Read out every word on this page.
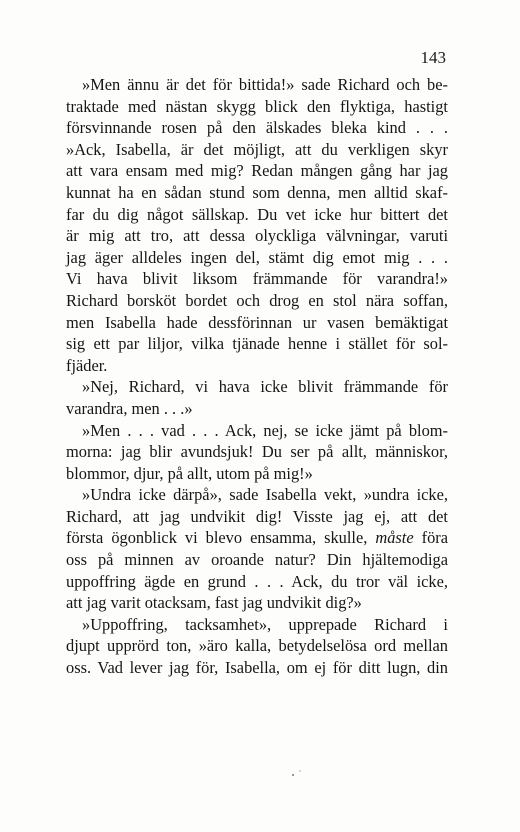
143
»Men ännu är det för bittida!» sade Richard och be-
traktade med nästan skygg blick den flyktiga, hastigt
försvinnande rosen på den älskades bleka kind . . .
»Ack, Isabella, är det möjligt, att du verkligen skyr
att vara ensam med mig? Redan mången gång har jag
kunnat ha en sådan stund som denna, men alltid skaf-
far du dig något sällskap. Du vet icke hur bittert det
är mig att tro, att dessa olyckliga välvningar, varuti
jag äger alldeles ingen del, stämt dig emot mig . . .
Vi hava blivit liksom främmande för varandra!»
Richard borsköt bordet och drog en stol nära soffan,
men Isabella hade dessförinnan ur vasen bemäktigat
sig ett par liljor, vilka tjänade henne i stället för sol-
fjäder.
»Nej, Richard, vi hava icke blivit främmande för
varandra, men . . .»
»Men . . . vad . . . Ack, nej, se icke jämt på blom-
morna: jag blir avundsjuk! Du ser på allt, människor,
blommor, djur, på allt, utom på mig!»
»Undra icke därpå», sade Isabella vekt, »undra icke,
Richard, att jag undvikit dig! Visste jag ej, att det
första ögonblick vi blevo ensamma, skulle, måste föra
oss på minnen av oroande natur? Din hjältemodiga
uppoffring ägde en grund . . . Ack, du tror väl icke,
att jag varit otacksam, fast jag undvikit dig?»
»Uppoffring, tacksamhet», upprepade Richard i
djupt upprörd ton, »äro kalla, betydelselösa ord mellan
oss. Vad lever jag för, Isabella, om ej för ditt lugn, din
